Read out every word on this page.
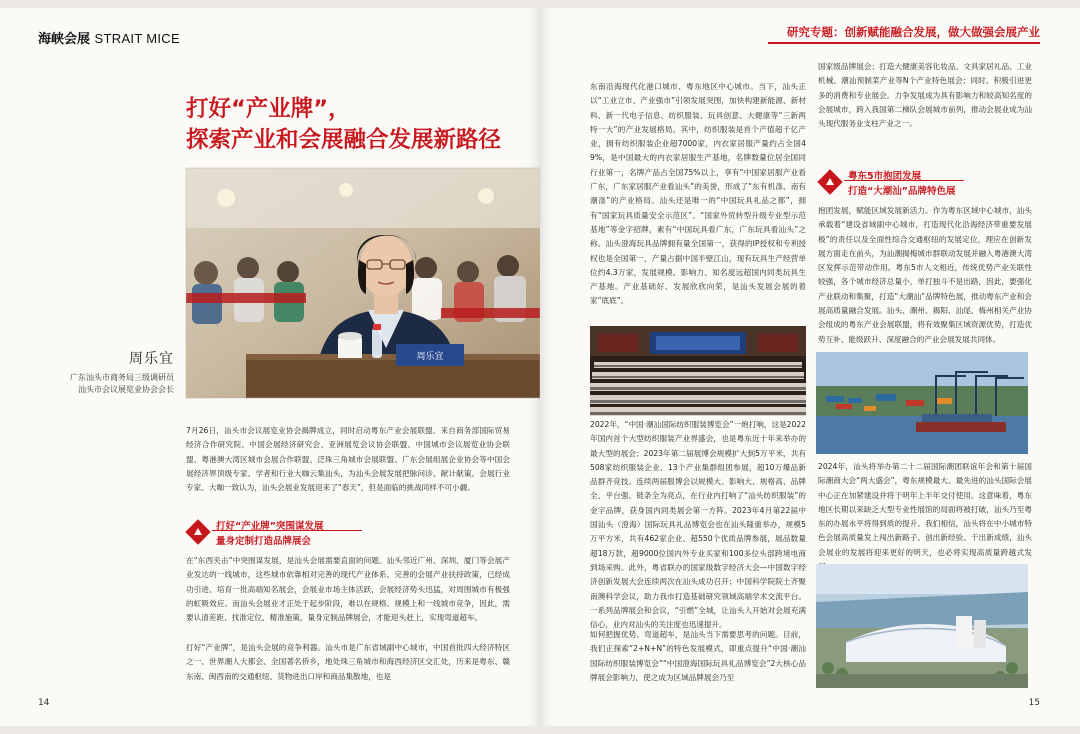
海峡会展 STRAIT MICE
打好“产业牌”，
探索产业和会展融合发展新路径
周乐宜
周乐宜
广东汕头市商务局三级调研员
汕头市会议展览业协会会长
7月26日，汕头市会议展览业协会揭牌成立，同时启动粤东产业会展联盟。来自商务部国际贸易经济合作研究院、中国会展经济研究会、亚洲展览会议协会联盟、中国城市会议展览业协会联盟、粤港澳大湾区城市会展合作联盟、泛珠三角城市会展联盟、广东会展组展企业协会等中国会展经济界顶级专家、学者和行业大咖云集汕头，为汕头会展发展把脉问诊、献计献策。会展行业专家、大咖一致认为，汕头会展业发展迎来了“春天”，但是面临的挑战同样不可小觑。
打好“产业牌”突围谋发展
量身定制打造品牌展会
在“东西夹击”中突围谋发展，是汕头会展需要直面的问题。汕头邻近广州、深圳、厦门等会展产业发达的一线城市，这些城市依靠相对完善的现代产业体系、完善的会展产业扶持政策，已经成功引进、培育一批高端知名展会，会展业市场主体活跃，会展经济势头迅猛，对周围城市有极强的虹吸效应。而汕头会展业才正处于起步阶段，难以在规格、规模上和一线城市竞争，因此，需要认清差距、找准定位、精准施策，量身定制品牌展会，才能迎头赶上，实现弯道超车。
打好“产业牌”，是汕头会展的竞争利器。汕头市是广东省域副中心城市，中国首批四大经济特区之一、世界潮人大都会、全国著名侨乡，地处珠三角城市和海西经济区交汇处，历来是粤东、赣东南、闽西南的交通枢纽、货物进出口岸和商品集散地，也是
14
研究专题：创新赋能融合发展，做大做强会展产业
东南沿海现代化港口城市、粤东地区中心城市。当下，汕头正以“工业立市、产业强市”引领发展突围，加快构建新能源、新材料、新一代电子信息、纺织服装、玩具创意、大健康等“三新两特一大”的产业发展格局。其中，纺织服装是首个产值超千亿产业，拥有纺织服装企业超7000家，内衣家居服产量约占全国49%，是中国最大的内衣家居服生产基地，名牌数量位居全国同行业第一，名牌产品占全国75%以上，享有“中国家居服产业看广东，广东家居服产业看汕头”的美誉，形成了“东有机涤、南有潮涤”的产业格局。汕头还是唯一的“中国玩具礼品之都”，拥有“国家玩具质量安全示范区”、“国家外贸转型升级专业型示范基地”等金字招牌，素有“中国玩具看广东，广东玩具看汕头”之称。汕头澄海玩具品牌拥有量全国第一，获得的IP授权和专利授权也是全国第一，产量占据中国半壁江山，现有玩具生产经营单位约4.3万家，发展规模、影响力、知名度远超国内同类玩具生产基地。产业基础好、发展欣欣向荣，是汕头发展会展的着家“底底”。
2022年，“中国·潮汕国际纺织服装博览会”一炮打响，这是2022年国内首个大型纺织服装产业界盛会，也是粤东近十年来举办的最大型的展会；2023年第二届展博会规模扩大到5万平米，共有508家纺织服装企业、13个产业集群组团参展，超10万爆品新品群齐竞技。连续两届服博会以规模大、影响大、规格高、品牌全、平台强、链条全为亮点，在行业内打响了“汕头纺织服装”的金字品牌，获身国内同类展会第一方阵。2023年4月第22届中国汕头（澄海）国际玩具礼品博览会也在汕头隆重举办，规模5万平方米，共有462家企业、超550个优质品牌参展，展品数量超18万款，超9000位国内外专业买家和100多位头部跨境电商到场采购。此外，粤省联办的国家级数字经济大会—中国数字经济创新发展大会连续两次在汕头成功召开；中国科学院院士齐聚南澳科学会议，助力我市打造基础研究领域高端学术交流平台。一系列品牌展会和会议，“引燃”全城，让汕头人开始对会展充满信心，业内对汕头的关注度也迅速提升。
如何把握优势、弯道超车，是汕头当下需要思考的问题。目前，我们正探索“2+N+N”的特色发展模式，即重点提升“中国·潮汕国际纺织服装博览会”“中国澄海国际玩具礼品博览会”2大核心品牌展会影响力，使之成为区域品牌展会乃至
国家级品牌展会；打造大健康美容化妆品、文具家居礼品、工业机械、潮汕预制菜产业等N个产业特色展会；同时，积极引进更多的消费和专业展会。力争发展成为具有影响力和较高知名度的会展城市，跨入我国第二梯队会展城市前列，推动会展业成为汕头现代服务业支柱产业之一。
粤东5市抱团发展
打造“大潮汕”品牌特色展
抱团发展，赋能区域发展新活力。作为粤东区域中心城市，汕头承载着“建设省域副中心城市，打造现代化沿海经济带重要发展极”的责任以及全面性综合交通枢纽的发展定位，理应在创新发展方面走在前头，为汕潮揭梅城市群联动发展并融入粤港澳大湾区发挥示范带动作用。粤东5市人文相近，传统优势产业关联性较强，各个城市经济总量小，单打独斗不是出路，因此，要强化产业联动和集聚，打造“大潮汕”品牌特色展，推动粤东产业和会展高质量融合发展。汕头、潮州、揭阳、汕尾、梅州相关产业协会组成的粤东产业会展联盟，将有效聚集区域资源优势，打造优势互补、能级跃升、深度融合的产业会展发展共同体。
2024年，汕头将举办第二十二届国际潮团联谊年会和第十届国际潮商大会“两大盛会”，粤东规模最大、最先进的汕头国际会展中心正在加紧建设并将于明年上半年交付使用。这意味着，粤东地区长期以来缺乏大型专业性展馆的局面将被打破，汕头乃至粤东的办展水平将得到质的提升。我们相信，汕头将在中小城市特色会展高质量发上闯出新路子、创出新经验、干出新成绩，汕头会展业的发展将迎来更好的明天，也必将实现高质量跨越式发
15
